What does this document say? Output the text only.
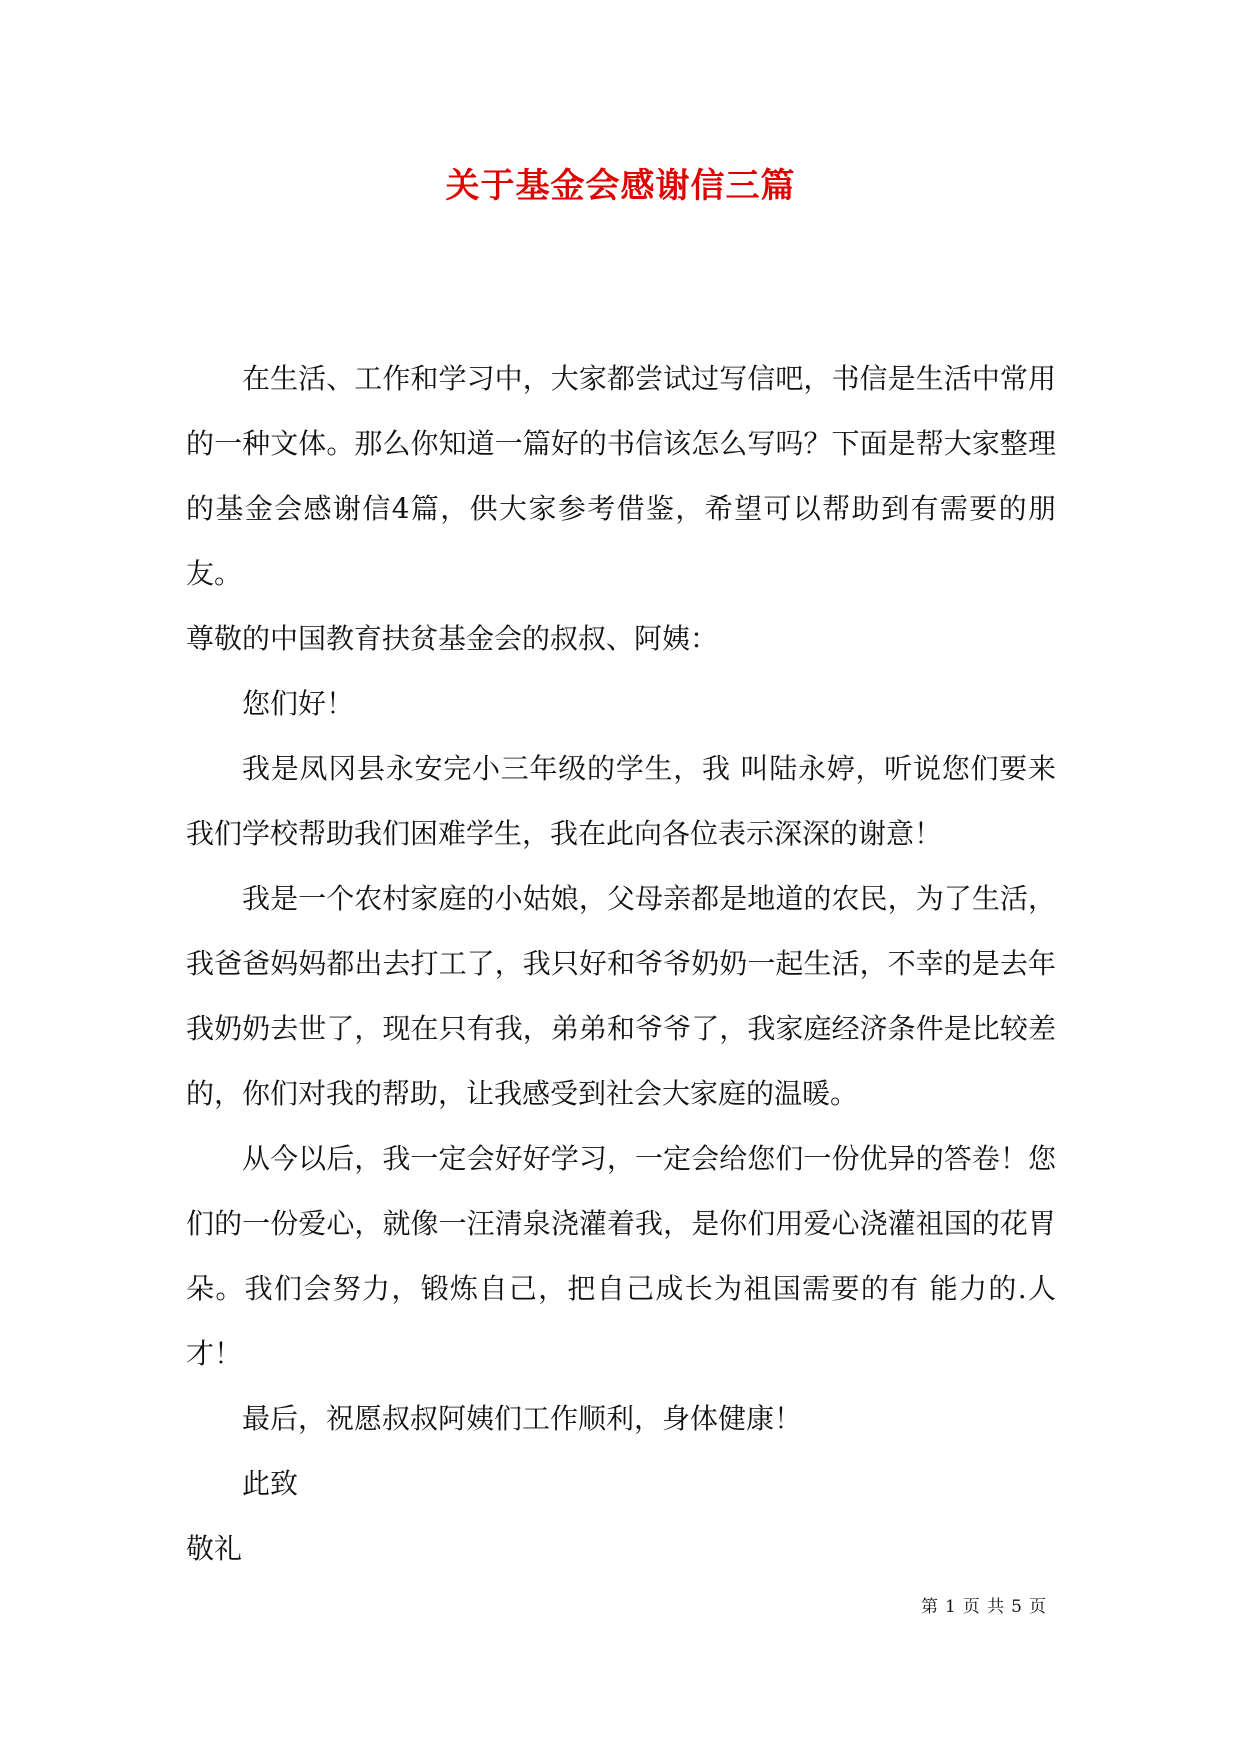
关于基金会感谢信三篇

在生活、工作和学习中，大家都尝试过写信吧，书信是生活中常用的一种文体。那么你知道一篇好的书信该怎么写吗？下面是帮大家整理的基金会感谢信4篇，供大家参考借鉴，希望可以帮助到有需要的朋友。

尊敬的中国教育扶贫基金会的叔叔、阿姨：

您们好！

我是凤冈县永安完小三年级的学生，我 叫陆永婷，听说您们要来我们学校帮助我们困难学生，我在此向各位表示深深的谢意！

我是一个农村家庭的小姑娘，父母亲都是地道的农民，为了生活，我爸爸妈妈都出去打工了，我只好和爷爷奶奶一起生活，不幸的是去年我奶奶去世了，现在只有我，弟弟和爷爷了，我家庭经济条件是比较差的，你们对我的帮助，让我感受到社会大家庭的温暖。

从今以后，我一定会好好学习，一定会给您们一份优异的答卷！您们的一份爱心，就像一汪清泉浇灌着我，是你们用爱心浇灌祖国的花胃朵。我们会努力，锻炼自己，把自己成长为祖国需要的有 能力的.人才！

最后，祝愿叔叔阿姨们工作顺利，身体健康！

此致

敬礼

第 1 页 共 5 页
